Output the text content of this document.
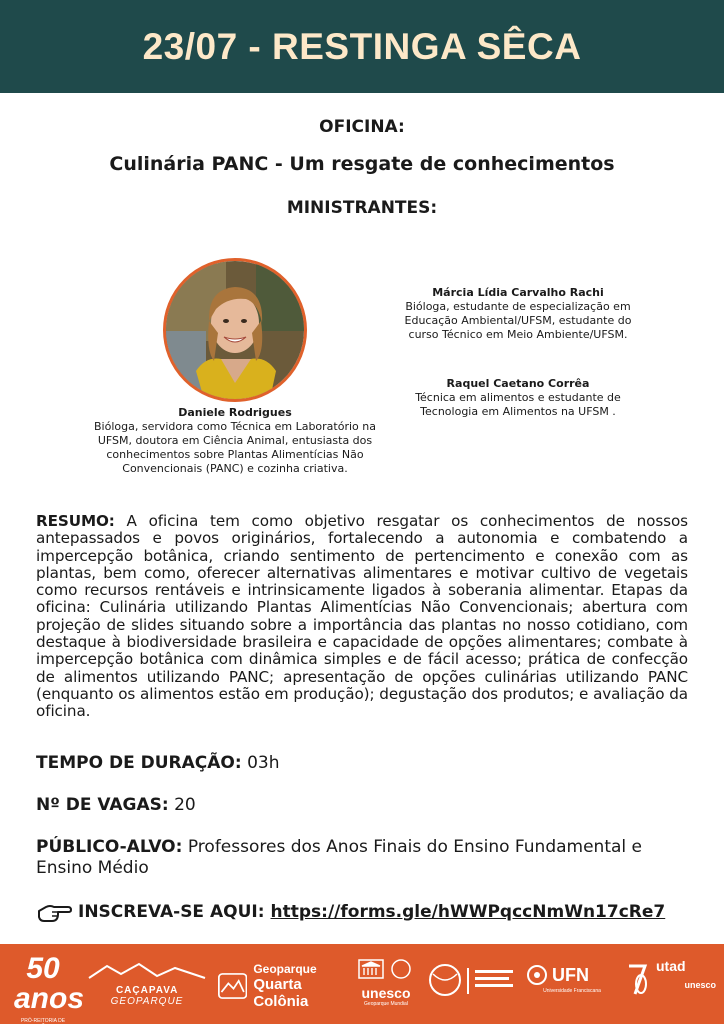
23/07 - RESTINGA SÊCA
OFICINA:
Culinária PANC - Um resgate de conhecimentos
MINISTRANTES:
Daniele Rodrigues
Bióloga, servidora como Técnica em Laboratório na UFSM, doutora em Ciência Animal, entusiasta dos conhecimentos sobre Plantas Alimentícias Não Convencionais (PANC) e cozinha criativa.
Márcia Lídia Carvalho Rachi
Bióloga, estudante de especialização em Educação Ambiental/UFSM, estudante do curso Técnico em Meio Ambiente/UFSM.
Raquel Caetano Corrêa
Técnica em alimentos e estudante de Tecnologia em Alimentos na UFSM .
RESUMO: A oficina tem como objetivo resgatar os conhecimentos de nossos antepassados e povos originários, fortalecendo a autonomia e combatendo a impercepção botânica, criando sentimento de pertencimento e conexão com as plantas, bem como, oferecer alternativas alimentares e motivar cultivo de vegetais como recursos rentáveis e intrinsicamente ligados à soberania alimentar. Etapas da oficina: Culinária utilizando Plantas Alimentícias Não Convencionais; abertura com projeção de slides situando sobre a importância das plantas no nosso cotidiano, com destaque à biodiversidade brasileira e capacidade de opções alimentares; combate à impercepção botânica com dinâmica simples e de fácil acesso; prática de confecção de alimentos utilizando PANC; apresentação de opções culinárias utilizando PANC (enquanto os alimentos estão em produção); degustação dos produtos; e avaliação da oficina.
TEMPO DE DURAÇÃO: 03h
Nº DE VAGAS: 20
PÚBLICO-ALVO: Professores dos Anos Finais do Ensino Fundamental e Ensino Médio
INSCREVA-SE AQUI: https://forms.gle/hWWPqccNmWn17cRe7
50 anos
PRÓ-REITORIA DE EXTENSÃO UFSM
CAÇAPAVA GEOPARQUE
Geoparque
Quarta Colônia	unesco
Geoparque Mundial
UFN
Universidade Franciscana
utad
unesco
